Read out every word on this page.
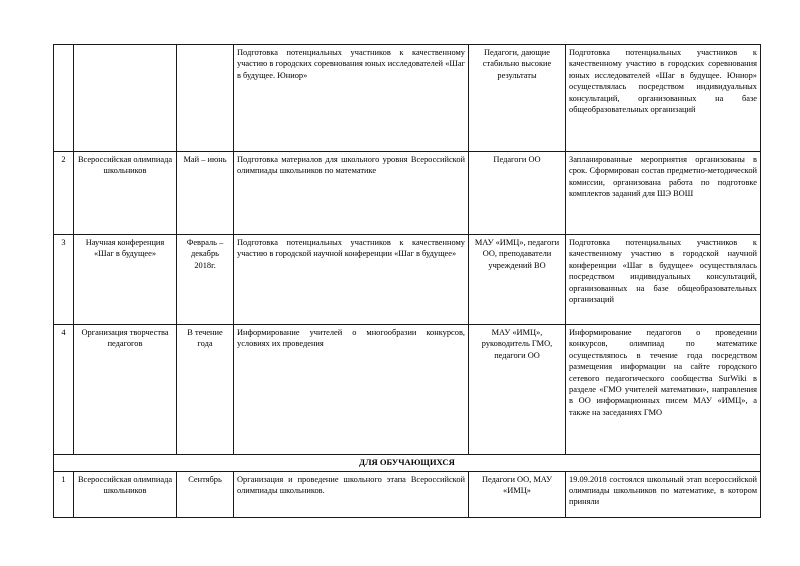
			Подготовка потенциальных участников к качественному участию в городских соревнования юных исследователей «Шаг в будущее. Юниор»	Педагоги, дающие стабильно высокие результаты	Подготовка потенциальных участников к качественному участию в городских соревнования юных исследователей «Шаг в будущее. Юниор» осуществлялась посредством индивидуальных консультаций, организованных на базе общеобразовательных организаций
2	Всероссийская олимпиада школьников	Май – июнь	Подготовка материалов для школьного уровня Всероссийской олимпиады школьников по математике	Педагоги ОО	Запланированные мероприятия организованы в срок. Сформирован состав предметно-методической комиссии, организована работа по подготовке комплектов заданий для ШЭ ВОШ
3	Научная конференция «Шаг в будущее»	Февраль – декабрь 2018г.	Подготовка потенциальных участников к качественному участию в городской научной конференции «Шаг в будущее»	МАУ «ИМЦ», педагоги ОО, преподаватели учреждений ВО	Подготовка потенциальных участников к качественному участию в городской научной конференции «Шаг в будущее» осуществлялась посредством индивидуальных консультаций, организованных на базе общеобразовательных организаций
4	Организация творчества педагогов	В течение года	Информирование учителей о многообразии конкурсов, условиях их проведения	МАУ «ИМЦ», руководитель ГМО, педагоги ОО	Информирование педагогов о проведении конкурсов, олимпиад по математике осуществляпось в течение года посредством размещения информации на сайте городского сетевого педагогического сообщества SurWiki в разделе «ГМО учителей математики», направления в ОО информационных писем МАУ «ИМЦ», а также на заседаниях ГМО
ДЛЯ ОБУЧАЮЩИХСЯ					
1	Всероссийская олимпиада школьников	Сентябрь	Организация и проведение школьного этапа Всероссийской олимпиады школьников.	Педагоги ОО, МАУ «ИМЦ»	19.09.2018 состоялся школьный этап всероссийской олимпиады школьников по математике, в котором приняли
